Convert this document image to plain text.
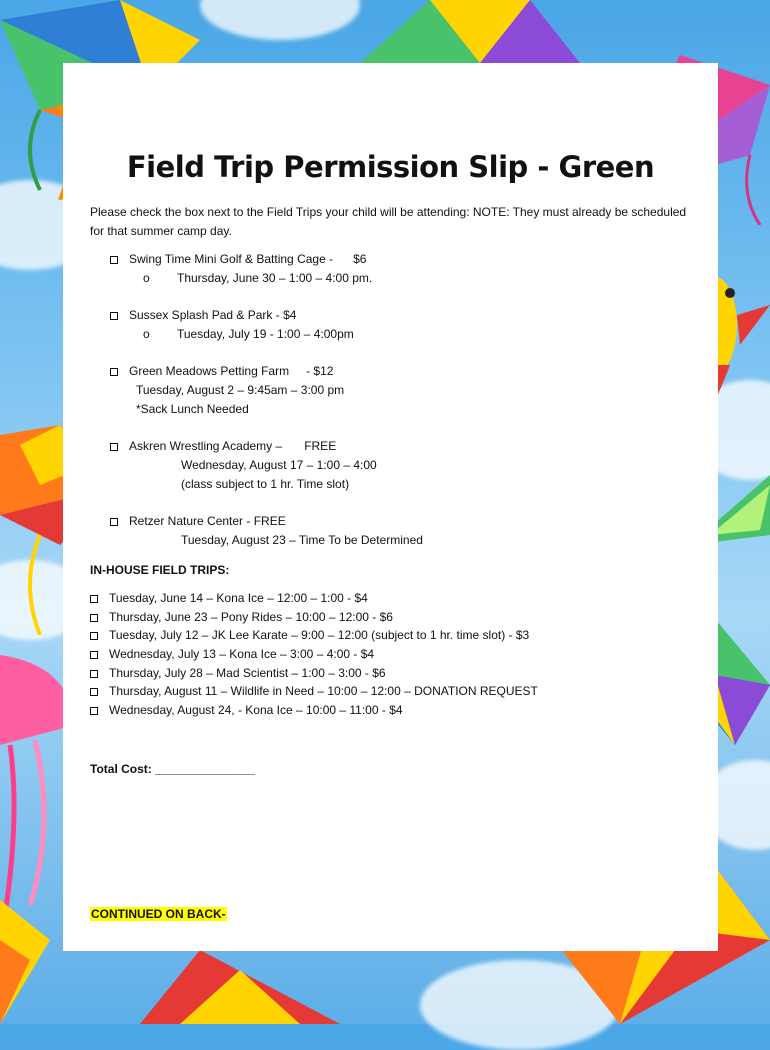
Field Trip Permission Slip - Green
Please check the box next to the Field Trips your child will be attending: NOTE: They must already be scheduled for that summer camp day.
Swing Time Mini Golf & Batting Cage - $6
o Thursday, June 30 – 1:00 – 4:00 pm.
Sussex Splash Pad & Park - $4
o Tuesday, July 19 - 1:00 – 4:00pm
Green Meadows Petting Farm - $12
Tuesday, August 2 – 9:45am – 3:00 pm
*Sack Lunch Needed
Askren Wrestling Academy – FREE
Wednesday, August 17 – 1:00 – 4:00
(class subject to 1 hr. Time slot)
Retzer Nature Center - FREE
Tuesday, August 23 – Time To be Determined
IN-HOUSE FIELD TRIPS:
Tuesday, June 14 – Kona Ice – 12:00 – 1:00 - $4
Thursday, June 23 – Pony Rides – 10:00 – 12:00 - $6
Tuesday, July 12 – JK Lee Karate – 9:00 – 12:00 (subject to 1 hr. time slot) - $3
Wednesday, July 13 – Kona Ice – 3:00 – 4:00 - $4
Thursday, July 28 – Mad Scientist – 1:00 – 3:00 - $6
Thursday, August 11 – Wildlife in Need – 10:00 – 12:00 – DONATION REQUEST
Wednesday, August 24, - Kona Ice – 10:00 – 11:00 - $4
Total Cost: _______________
CONTINUED ON BACK-
